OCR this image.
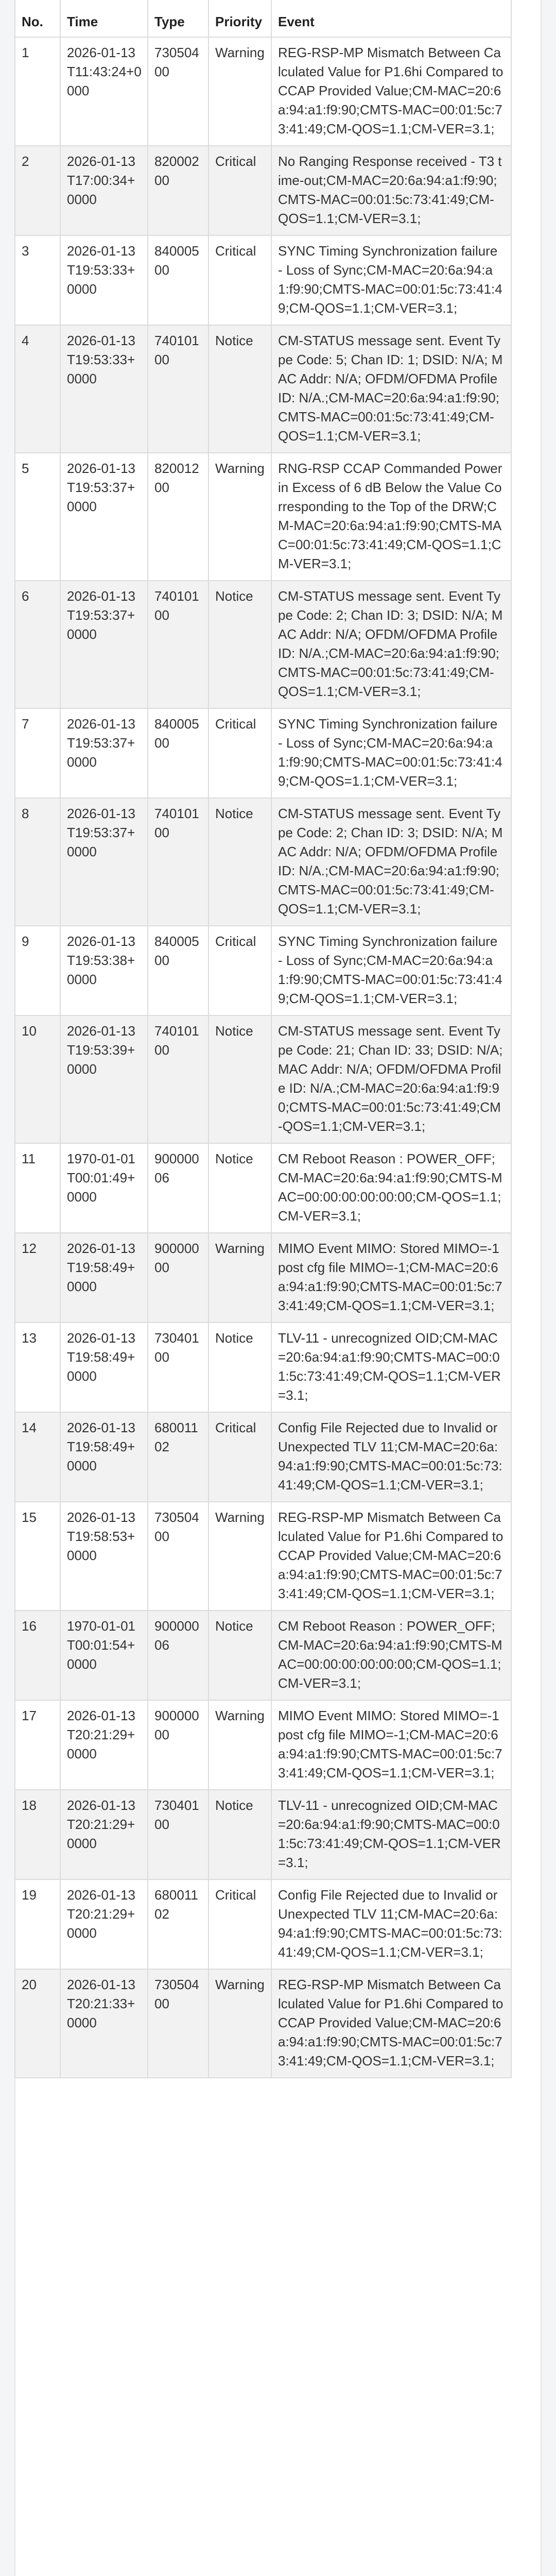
No.	Time	Type	Priority	Event

1	2026-01-13T11:43:24+0000	73050400	Warning	REG-RSP-MP Mismatch Between Calculated Value for P1.6hi Compared to CCAP Provided Value;CM-MAC=20:6a:94:a1:f9:90;CMTS-MAC=00:01:5c:73:41:49;CM-QOS=1.1;CM-VER=3.1;
2	2026-01-13T17:00:34+0000	82000200	Critical	No Ranging Response received - T3 time-out;CM-MAC=20:6a:94:a1:f9:90;CMTS-MAC=00:01:5c:73:41:49;CM-QOS=1.1;CM-VER=3.1;
3	2026-01-13T19:53:33+0000	84000500	Critical	SYNC Timing Synchronization failure - Loss of Sync;CM-MAC=20:6a:94:a1:f9:90;CMTS-MAC=00:01:5c:73:41:49;CM-QOS=1.1;CM-VER=3.1;
4	2026-01-13T19:53:33+0000	74010100	Notice	CM-STATUS message sent. Event Type Code: 5; Chan ID: 1; DSID: N/A; MAC Addr: N/A; OFDM/OFDMA Profile ID: N/A.;CM-MAC=20:6a:94:a1:f9:90;CMTS-MAC=00:01:5c:73:41:49;CM-QOS=1.1;CM-VER=3.1;
5	2026-01-13T19:53:37+0000	82001200	Warning	RNG-RSP CCAP Commanded Power in Excess of 6 dB Below the Value Corresponding to the Top of the DRW;CM-MAC=20:6a:94:a1:f9:90;CMTS-MAC=00:01:5c:73:41:49;CM-QOS=1.1;CM-VER=3.1;
6	2026-01-13T19:53:37+0000	74010100	Notice	CM-STATUS message sent. Event Type Code: 2; Chan ID: 3; DSID: N/A; MAC Addr: N/A; OFDM/OFDMA Profile ID: N/A.;CM-MAC=20:6a:94:a1:f9:90;CMTS-MAC=00:01:5c:73:41:49;CM-QOS=1.1;CM-VER=3.1;
7	2026-01-13T19:53:37+0000	84000500	Critical	SYNC Timing Synchronization failure - Loss of Sync;CM-MAC=20:6a:94:a1:f9:90;CMTS-MAC=00:01:5c:73:41:49;CM-QOS=1.1;CM-VER=3.1;
8	2026-01-13T19:53:37+0000	74010100	Notice	CM-STATUS message sent. Event Type Code: 2; Chan ID: 3; DSID: N/A; MAC Addr: N/A; OFDM/OFDMA Profile ID: N/A.;CM-MAC=20:6a:94:a1:f9:90;CMTS-MAC=00:01:5c:73:41:49;CM-QOS=1.1;CM-VER=3.1;
9	2026-01-13T19:53:38+0000	84000500	Critical	SYNC Timing Synchronization failure - Loss of Sync;CM-MAC=20:6a:94:a1:f9:90;CMTS-MAC=00:01:5c:73:41:49;CM-QOS=1.1;CM-VER=3.1;
10	2026-01-13T19:53:39+0000	74010100	Notice	CM-STATUS message sent. Event Type Code: 21; Chan ID: 33; DSID: N/A; MAC Addr: N/A; OFDM/OFDMA Profile ID: N/A.;CM-MAC=20:6a:94:a1:f9:90;CMTS-MAC=00:01:5c:73:41:49;CM-QOS=1.1;CM-VER=3.1;
11	1970-01-01T00:01:49+0000	90000006	Notice	CM Reboot Reason : POWER_OFF;CM-MAC=20:6a:94:a1:f9:90;CMTS-MAC=00:00:00:00:00:00;CM-QOS=1.1;CM-VER=3.1;
12	2026-01-13T19:58:49+0000	90000000	Warning	MIMO Event MIMO: Stored MIMO=-1 post cfg file MIMO=-1;CM-MAC=20:6a:94:a1:f9:90;CMTS-MAC=00:01:5c:73:41:49;CM-QOS=1.1;CM-VER=3.1;
13	2026-01-13T19:58:49+0000	73040100	Notice	TLV-11 - unrecognized OID;CM-MAC=20:6a:94:a1:f9:90;CMTS-MAC=00:01:5c:73:41:49;CM-QOS=1.1;CM-VER=3.1;
14	2026-01-13T19:58:49+0000	68001102	Critical	Config File Rejected due to Invalid or Unexpected TLV 11;CM-MAC=20:6a:94:a1:f9:90;CMTS-MAC=00:01:5c:73:41:49;CM-QOS=1.1;CM-VER=3.1;
15	2026-01-13T19:58:53+0000	73050400	Warning	REG-RSP-MP Mismatch Between Calculated Value for P1.6hi Compared to CCAP Provided Value;CM-MAC=20:6a:94:a1:f9:90;CMTS-MAC=00:01:5c:73:41:49;CM-QOS=1.1;CM-VER=3.1;
16	1970-01-01T00:01:54+0000	90000006	Notice	CM Reboot Reason : POWER_OFF;CM-MAC=20:6a:94:a1:f9:90;CMTS-MAC=00:00:00:00:00:00;CM-QOS=1.1;CM-VER=3.1;
17	2026-01-13T20:21:29+0000	90000000	Warning	MIMO Event MIMO: Stored MIMO=-1 post cfg file MIMO=-1;CM-MAC=20:6a:94:a1:f9:90;CMTS-MAC=00:01:5c:73:41:49;CM-QOS=1.1;CM-VER=3.1;
18	2026-01-13T20:21:29+0000	73040100	Notice	TLV-11 - unrecognized OID;CM-MAC=20:6a:94:a1:f9:90;CMTS-MAC=00:01:5c:73:41:49;CM-QOS=1.1;CM-VER=3.1;
19	2026-01-13T20:21:29+0000	68001102	Critical	Config File Rejected due to Invalid or Unexpected TLV 11;CM-MAC=20:6a:94:a1:f9:90;CMTS-MAC=00:01:5c:73:41:49;CM-QOS=1.1;CM-VER=3.1;
20	2026-01-13T20:21:33+0000	73050400	Warning	REG-RSP-MP Mismatch Between Calculated Value for P1.6hi Compared to CCAP Provided Value;CM-MAC=20:6a:94:a1:f9:90;CMTS-MAC=00:01:5c:73:41:49;CM-QOS=1.1;CM-VER=3.1;
